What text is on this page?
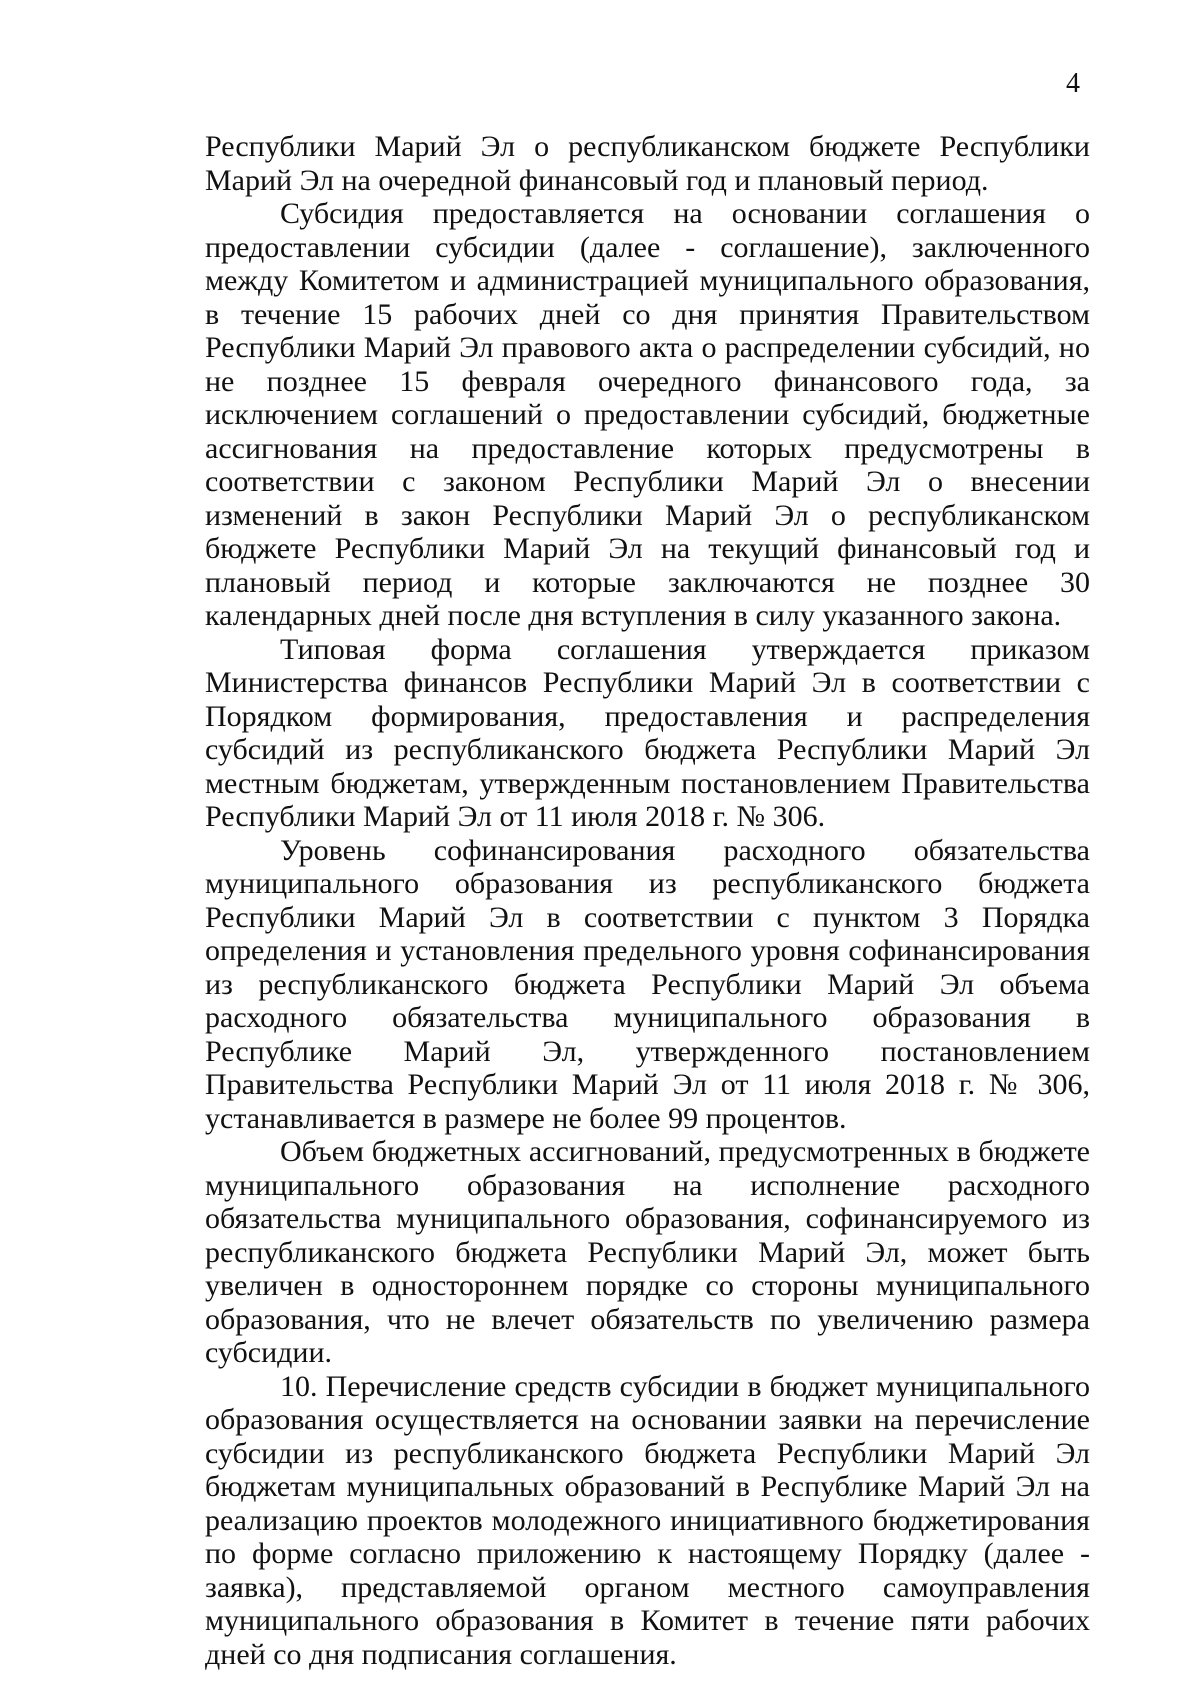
4

Республики Марий Эл о республиканском бюджете Республики Марий Эл на очередной финансовый год и плановый период.

Субсидия предоставляется на основании соглашения о предоставлении субсидии (далее - соглашение), заключенного между Комитетом и администрацией муниципального образования, в течение 15 рабочих дней со дня принятия Правительством Республики Марий Эл правового акта о распределении субсидий, но не позднее 15 февраля очередного финансового года, за исключением соглашений о предоставлении субсидий, бюджетные ассигнования на предоставление которых предусмотрены в соответствии с законом Республики Марий Эл о внесении изменений в закон Республики Марий Эл о республиканском бюджете Республики Марий Эл на текущий финансовый год и плановый период и которые заключаются не позднее 30 календарных дней после дня вступления в силу указанного закона.

Типовая форма соглашения утверждается приказом Министерства финансов Республики Марий Эл в соответствии с Порядком формирования, предоставления и распределения субсидий из республиканского бюджета Республики Марий Эл местным бюджетам, утвержденным постановлением Правительства Республики Марий Эл от 11 июля 2018 г. № 306.

Уровень софинансирования расходного обязательства муниципального образования из республиканского бюджета Республики Марий Эл в соответствии с пунктом 3 Порядка определения и установления предельного уровня софинансирования из республиканского бюджета Республики Марий Эл объема расходного обязательства муниципального образования в Республике Марий Эл, утвержденного постановлением Правительства Республики Марий Эл от 11 июля 2018 г. № 306, устанавливается в размере не более 99 процентов.

Объем бюджетных ассигнований, предусмотренных в бюджете муниципального образования на исполнение расходного обязательства муниципального образования, софинансируемого из республиканского бюджета Республики Марий Эл, может быть увеличен в одностороннем порядке со стороны муниципального образования, что не влечет обязательств по увеличению размера субсидии.

10. Перечисление средств субсидии в бюджет муниципального образования осуществляется на основании заявки на перечисление субсидии из республиканского бюджета Республики Марий Эл бюджетам муниципальных образований в Республике Марий Эл на реализацию проектов молодежного инициативного бюджетирования по форме согласно приложению к настоящему Порядку (далее - заявка), представляемой органом местного самоуправления муниципального образования в Комитет в течение пяти рабочих дней со дня подписания соглашения.
